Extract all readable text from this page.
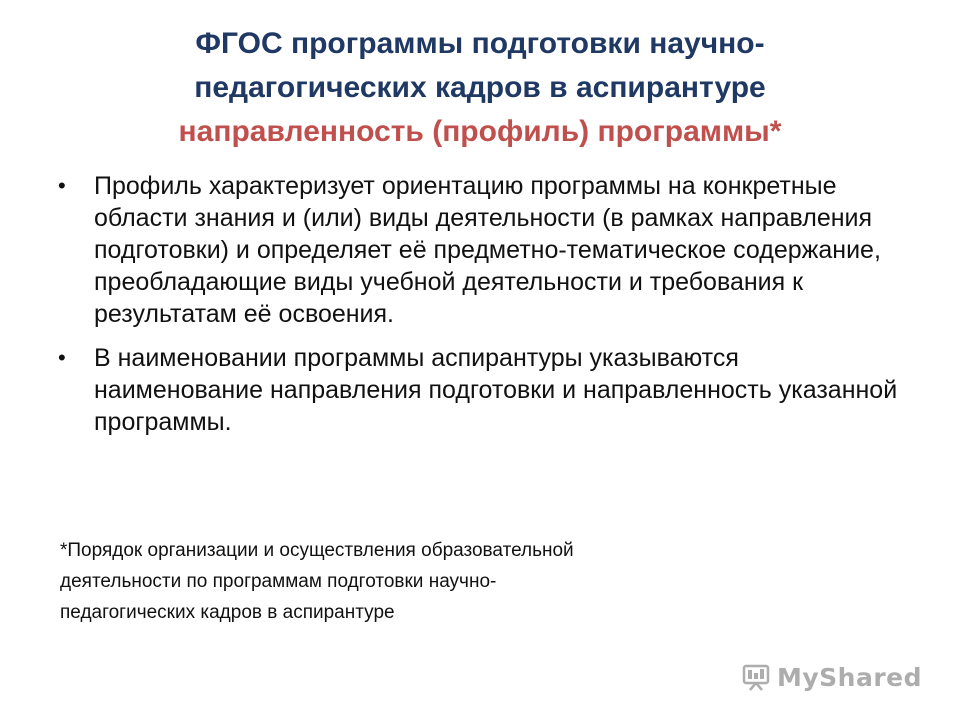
ФГОС программы подготовки научно-
педагогических кадров в аспирантуре
направленность (профиль) программы*
• Профиль характеризует ориентацию программы на конкретные области знания и (или) виды деятельности (в рамках направления подготовки) и определяет её предметно-тематическое содержание, преобладающие виды учебной деятельности и требования к результатам её освоения.
• В наименовании программы аспирантуры указываются наименование направления подготовки и направленность указанной программы.
*Порядок организации и осуществления образовательной
деятельности по программам подготовки научно-
педагогических кадров в аспирантуре
MyShared
